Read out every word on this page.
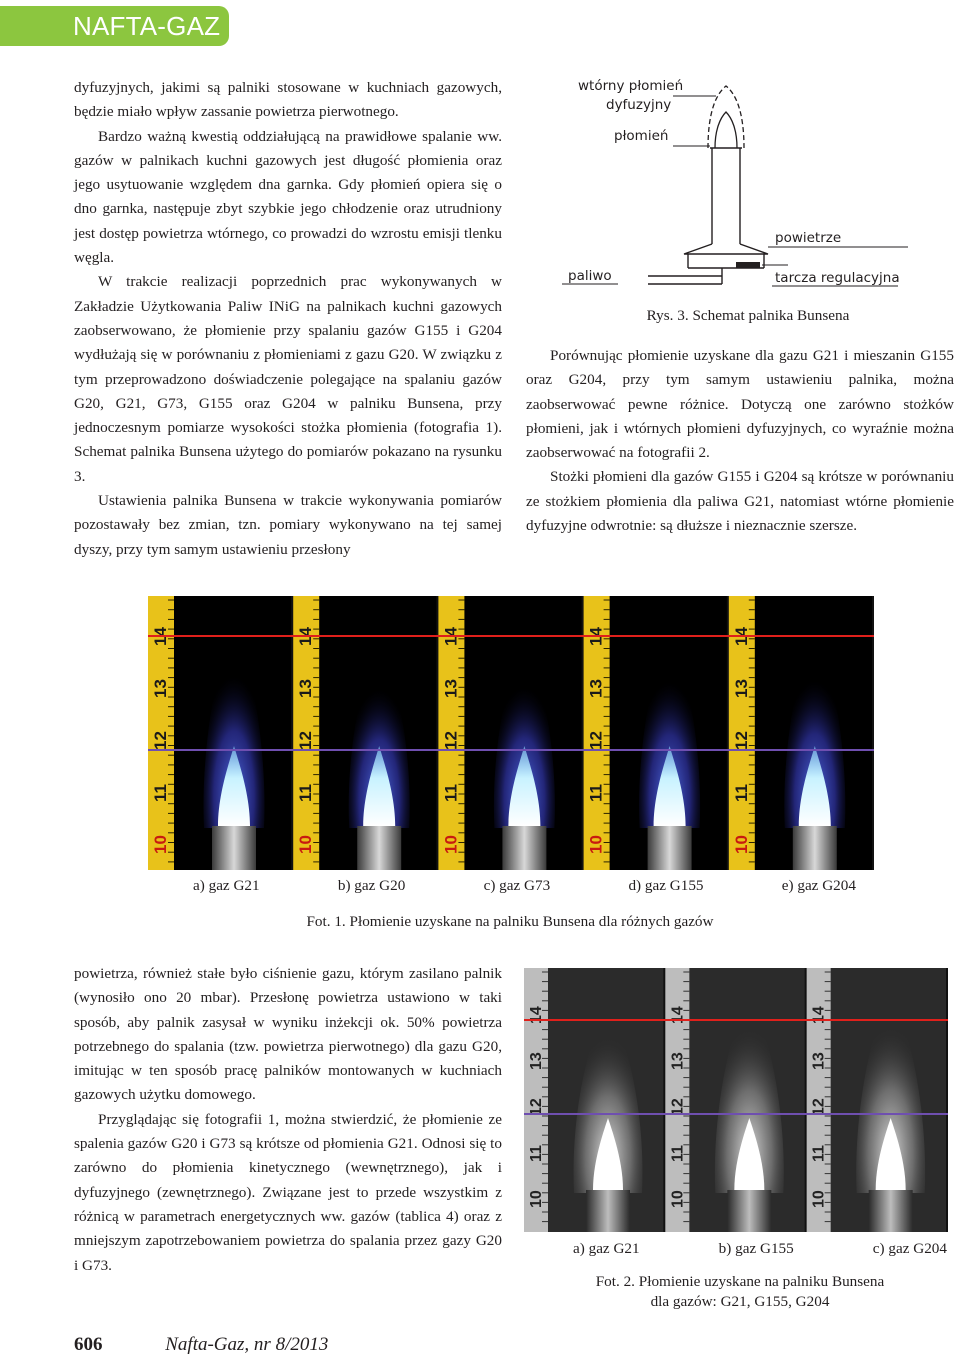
NAFTA-GAZ

dyfuzyjnych, jakimi są palniki stosowane w kuchniach gazowych, będzie miało wpływ zassanie powietrza pierwotnego.

Bardzo ważną kwestią oddziałującą na prawidłowe spalanie ww. gazów w palnikach kuchni gazowych jest długość płomienia oraz jego usytuowanie względem dna garnka. Gdy płomień opiera się o dno garnka, następuje zbyt szybkie jego chłodzenie oraz utrudniony jest dostęp powietrza wtórnego, co prowadzi do wzrostu emisji tlenku węgla.

W trakcie realizacji poprzednich prac wykonywanych w Zakładzie Użytkowania Paliw INiG na palnikach kuchni gazowych zaobserwowano, że płomienie przy spalaniu gazów G155 i G204 wydłużają się w porównaniu z płomieniami z gazu G20. W związku z tym przeprowadzono doświadczenie polegające na spalaniu gazów G20, G21, G73, G155 oraz G204 w palniku Bunsena, przy jednoczesnym pomiarze wysokości stożka płomienia (fotografia 1). Schemat palnika Bunsena użytego do pomiarów pokazano na rysunku 3.

Ustawienia palnika Bunsena w trakcie wykonywania pomiarów pozostawały bez zmian, tzn. pomiary wykonywano na tej samej dyszy, przy tym samym ustawieniu przesłony

wtórny płomień
dyfuzyjny
płomień
powietrze
paliwo	tarcza regulacyjna
Rys. 3. Schemat palnika Bunsena

Porównując płomienie uzyskane dla gazu G21 i mieszanin G155 oraz G204, przy tym samym ustawieniu palnika, można zaobserwować pewne różnice. Dotyczą one zarówno stożków płomieni, jak i wtórnych płomieni dyfuzyjnych, co wyraźnie można zaobserwować na fotografii 2.

Stożki płomieni dla gazów G155 i G204 są krótsze w porównaniu ze stożkiem płomienia dla paliwa G21, natomiast wtórne płomienie dyfuzyjne odwrotnie: są dłuższe i nieznacznie szersze.

14
13
12
11
10
14
13
12
11
10
14
13
12
11
10
14
13
12
11
10
14
13
12
11
10
a) gaz G21	b) gaz G20	c) gaz G73	d) gaz G155	e) gaz G204
Fot. 1. Płomienie uzyskane na palniku Bunsena dla różnych gazów

powietrza, również stałe było ciśnienie gazu, którym zasilano palnik (wynosiło ono 20 mbar). Przesłonę powietrza ustawiono w taki sposób, aby palnik zasysał w wyniku inżekcji ok. 50% powietrza potrzebnego do spalania (tzw. powietrza pierwotnego) dla gazu G20, imitując w ten sposób pracę palników montowanych w kuchniach gazowych użytku domowego.

Przyglądając się fotografii 1, można stwierdzić, że płomienie ze spalenia gazów G20 i G73 są krótsze od płomienia G21. Odnosi się to zarówno do płomienia kinetycznego (wewnętrznego), jak i dyfuzyjnego (zewnętrznego). Związane jest to przede wszystkim z różnicą w parametrach energetycznych ww. gazów (tablica 4) oraz z mniejszym zapotrzebowaniem powietrza do spalania przez gazy G20 i G73.

14
13
12
11
10
14
13
12
11
10
14
13
12
11
10
a) gaz G21	b) gaz G155	c) gaz G204
Fot. 2. Płomienie uzyskane na palniku Bunsena
dla gazów: G21, G155, G204
606	Nafta-Gaz, nr 8/2013
